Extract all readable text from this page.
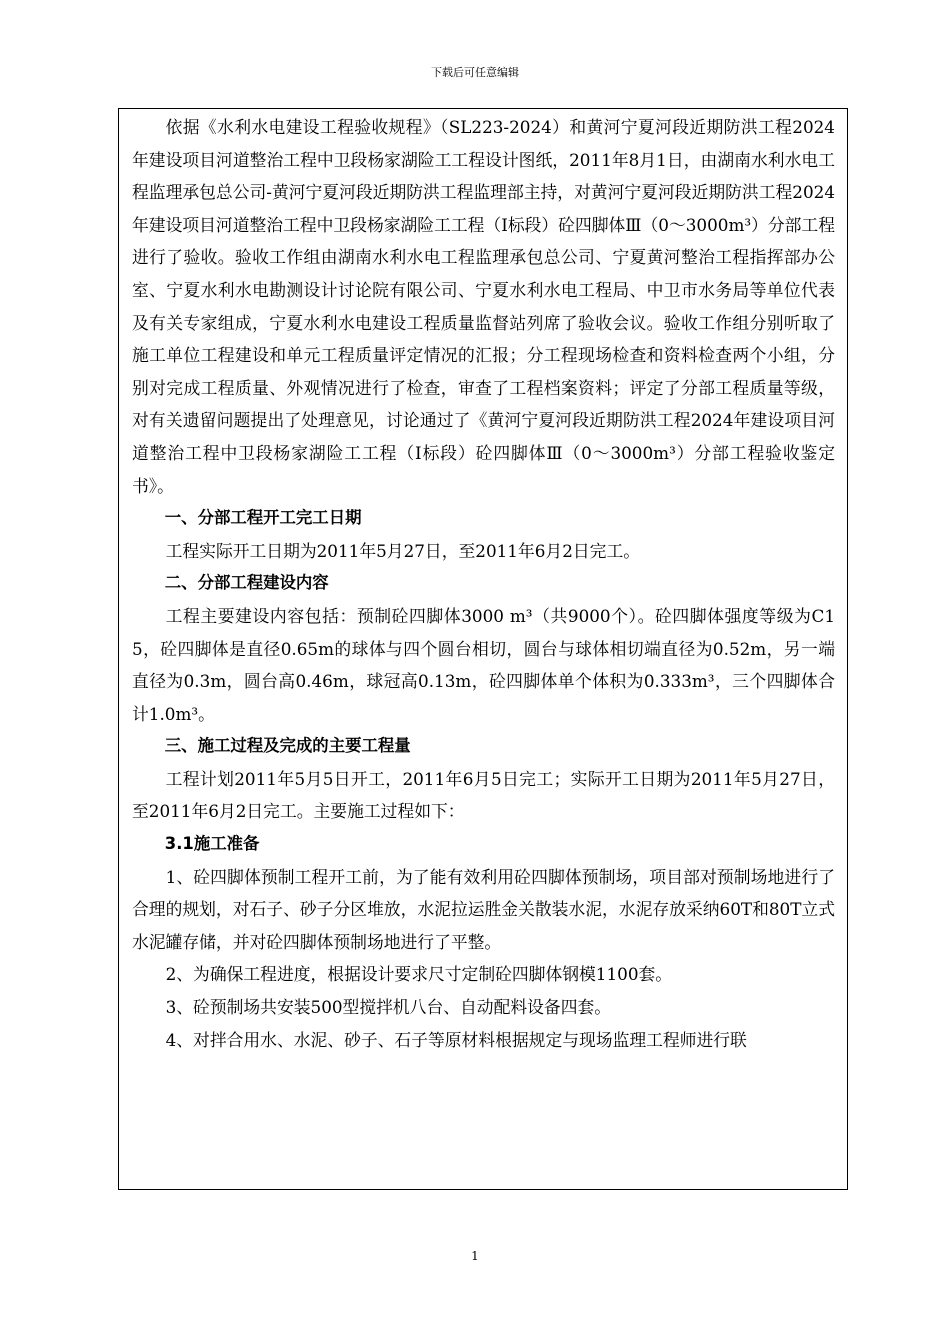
下载后可任意编辑

依据《水利水电建设工程验收规程》（SL223-2024）和黄河宁夏河段近期防洪工程2024年建设项目河道整治工程中卫段杨家湖险工工程设计图纸，2011年8月1日，由湖南水利水电工程监理承包总公司-黄河宁夏河段近期防洪工程监理部主持，对黄河宁夏河段近期防洪工程2024年建设项目河道整治工程中卫段杨家湖险工工程（Ⅰ标段）砼四脚体Ⅲ（0～3000m³）分部工程进行了验收。验收工作组由湖南水利水电工程监理承包总公司、宁夏黄河整治工程指挥部办公室、宁夏水利水电勘测设计讨论院有限公司、宁夏水利水电工程局、中卫市水务局等单位代表及有关专家组成，宁夏水利水电建设工程质量监督站列席了验收会议。验收工作组分别听取了施工单位工程建设和单元工程质量评定情况的汇报；分工程现场检查和资料检查两个小组，分别对完成工程质量、外观情况进行了检查，审查了工程档案资料；评定了分部工程质量等级，对有关遗留问题提出了处理意见，讨论通过了《黄河宁夏河段近期防洪工程2024年建设项目河道整治工程中卫段杨家湖险工工程（Ⅰ标段）砼四脚体Ⅲ（0～3000m³）分部工程验收鉴定书》。

一、分部工程开工完工日期

工程实际开工日期为2011年5月27日，至2011年6月2日完工。

二、分部工程建设内容

工程主要建设内容包括：预制砼四脚体3000 m³（共9000个）。砼四脚体强度等级为C15，砼四脚体是直径0.65m的球体与四个圆台相切，圆台与球体相切端直径为0.52m，另一端直径为0.3m，圆台高0.46m，球冠高0.13m，砼四脚体单个体积为0.333m³，三个四脚体合计1.0m³。

三、施工过程及完成的主要工程量

工程计划2011年5月5日开工，2011年6月5日完工；实际开工日期为2011年5月27日，至2011年6月2日完工。主要施工过程如下：

3.1施工准备

1、砼四脚体预制工程开工前，为了能有效利用砼四脚体预制场，项目部对预制场地进行了合理的规划，对石子、砂子分区堆放，水泥拉运胜金关散装水泥，水泥存放采纳60T和80T立式水泥罐存储，并对砼四脚体预制场地进行了平整。

2、为确保工程进度，根据设计要求尺寸定制砼四脚体钢模1100套。

3、砼预制场共安装500型搅拌机八台、自动配料设备四套。

4、对拌合用水、水泥、砂子、石子等原材料根据规定与现场监理工程师进行联

1
